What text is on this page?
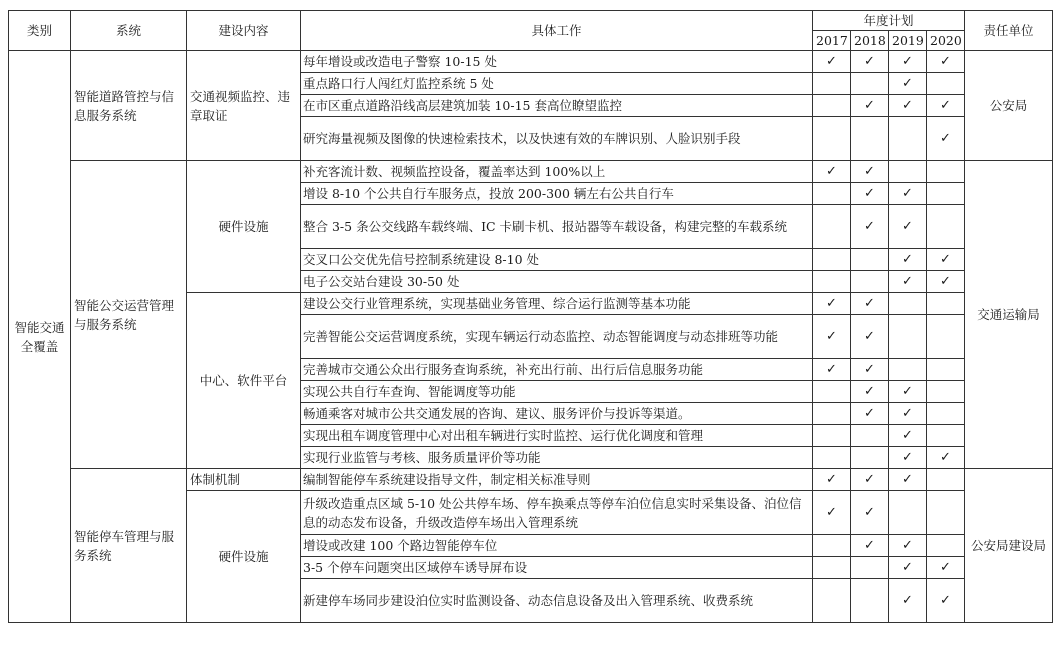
类别	系统	建设内容	具体工作	年度计划				责任单位
				2017	2018	2019	2020	
智能交通全覆盖	智能道路管控与信息服务系统	交通视频监控、违章取证	每年增设或改造电子警察 10-15 处	✓	✓	✓	✓	公安局
			重点路口行人闯红灯监控系统 5 处			✓		
			在市区重点道路沿线高层建筑加装 10-15 套高位瞭望监控		✓	✓	✓	
			研究海量视频及图像的快速检索技术，以及快速有效的车牌识别、人脸识别手段				✓	
	智能公交运营管理与服务系统	硬件设施	补充客流计数、视频监控设备，覆盖率达到 100%以上	✓	✓			交通运输局
			增设 8-10 个公共自行车服务点，投放 200-300 辆左右公共自行车		✓	✓		
			整合 3-5 条公交线路车载终端、IC 卡刷卡机、报站器等车载设备，构建完整的车载系统		✓	✓		
			交叉口公交优先信号控制系统建设 8-10 处			✓	✓	
			电子公交站台建设 30-50 处			✓	✓	
		中心、软件平台	建设公交行业管理系统，实现基础业务管理、综合运行监测等基本功能	✓	✓			
			完善智能公交运营调度系统，实现车辆运行动态监控、动态智能调度与动态排班等功能	✓	✓			
			完善城市交通公众出行服务查询系统，补充出行前、出行后信息服务功能	✓	✓			
			实现公共自行车查询、智能调度等功能		✓	✓		
			畅通乘客对城市公共交通发展的咨询、建议、服务评价与投诉等渠道。		✓	✓		
			实现出租车调度管理中心对出租车辆进行实时监控、运行优化调度和管理			✓		
			实现行业监管与考核、服务质量评价等功能			✓	✓	
	智能停车管理与服务系统	体制机制	编制智能停车系统建设指导文件，制定相关标准导则	✓	✓	✓		公安局建设局
		硬件设施	升级改造重点区域 5-10 处公共停车场、停车换乘点等停车泊位信息实时采集设备、泊位信息的动态发布设备，升级改造停车场出入管理系统	✓	✓			
			增设或改建 100 个路边智能停车位		✓	✓		
			3-5 个停车问题突出区域停车诱导屏布设			✓	✓	
			新建停车场同步建设泊位实时监测设备、动态信息设备及出入管理系统、收费系统			✓	✓	
